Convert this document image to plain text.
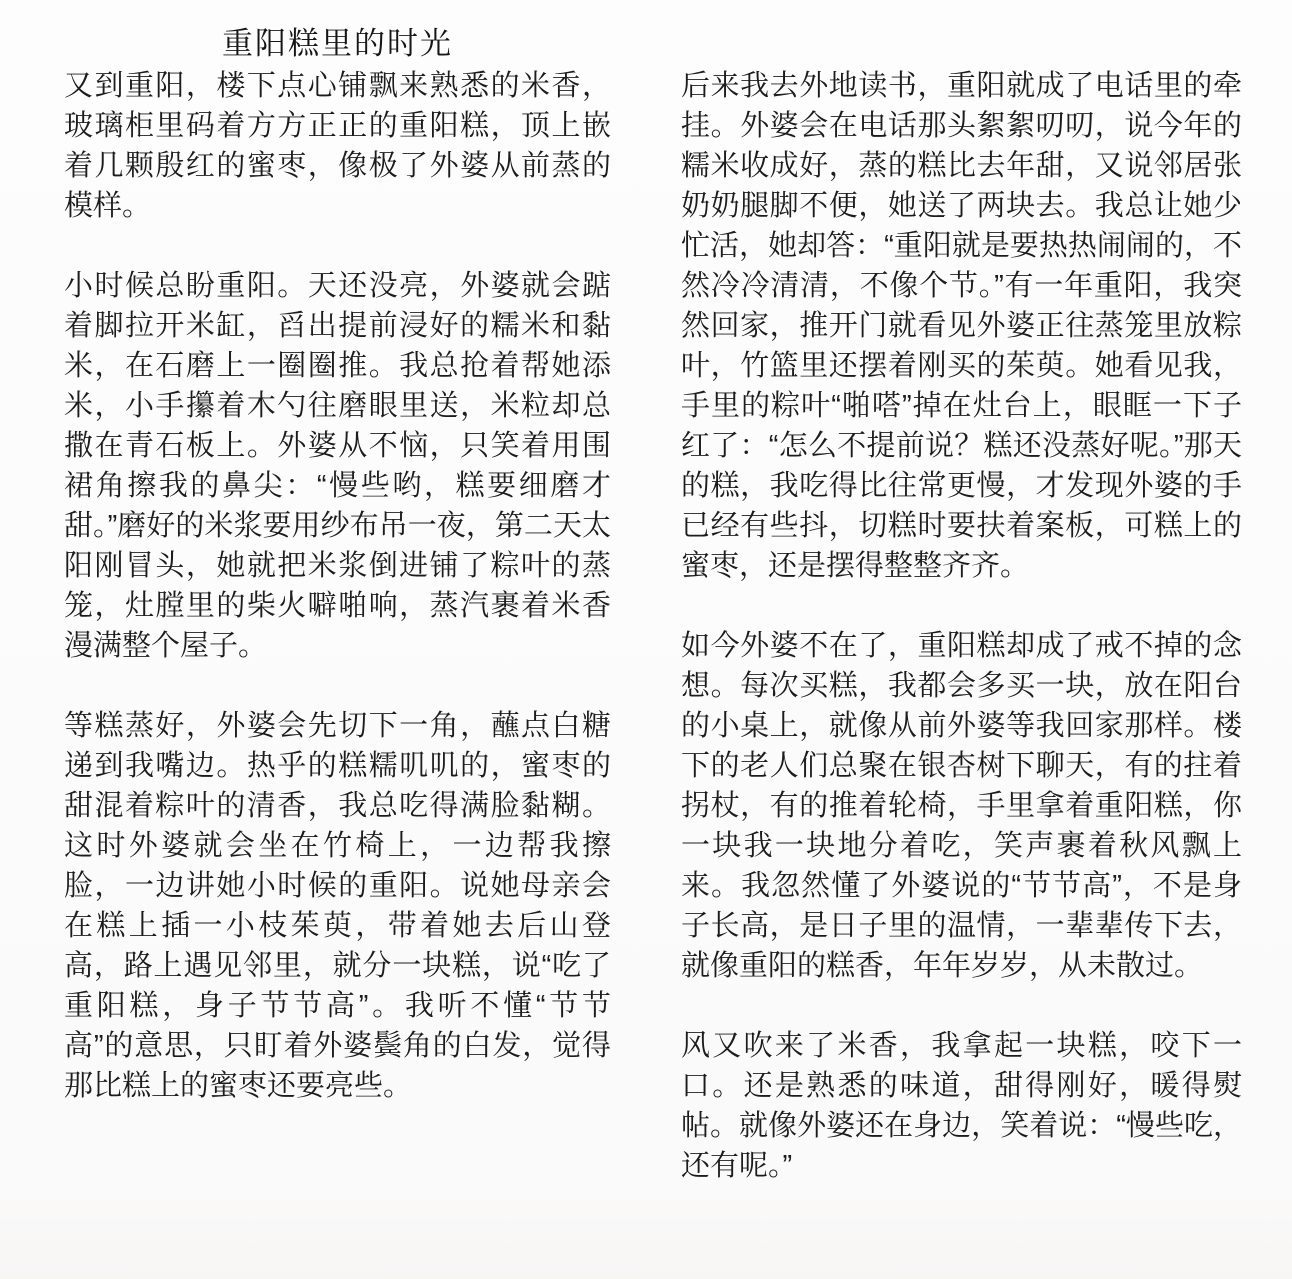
重阳糕里的时光

又到重阳，楼下点心铺飘来熟悉的米香，玻璃柜里码着方方正正的重阳糕，顶上嵌着几颗殷红的蜜枣，像极了外婆从前蒸的模样。

小时候总盼重阳。天还没亮，外婆就会踮着脚拉开米缸，舀出提前浸好的糯米和黏米，在石磨上一圈圈推。我总抢着帮她添米，小手攥着木勺往磨眼里送，米粒却总撒在青石板上。外婆从不恼，只笑着用围裙角擦我的鼻尖：“慢些哟，糕要细磨才甜。”磨好的米浆要用纱布吊一夜，第二天太阳刚冒头，她就把米浆倒进铺了粽叶的蒸笼，灶膛里的柴火噼啪响，蒸汽裹着米香漫满整个屋子。

等糕蒸好，外婆会先切下一角，蘸点白糖递到我嘴边。热乎的糕糯叽叽的，蜜枣的甜混着粽叶的清香，我总吃得满脸黏糊。这时外婆就会坐在竹椅上，一边帮我擦脸，一边讲她小时候的重阳。说她母亲会在糕上插一小枝茱萸，带着她去后山登高，路上遇见邻里，就分一块糕，说“吃了重阳糕，身子节节高”。我听不懂“节节高”的意思，只盯着外婆鬓角的白发，觉得那比糕上的蜜枣还要亮些。

后来我去外地读书，重阳就成了电话里的牵挂。外婆会在电话那头絮絮叨叨，说今年的糯米收成好，蒸的糕比去年甜，又说邻居张奶奶腿脚不便，她送了两块去。我总让她少忙活，她却答：“重阳就是要热热闹闹的，不然冷冷清清，不像个节。”有一年重阳，我突然回家，推开门就看见外婆正往蒸笼里放粽叶，竹篮里还摆着刚买的茱萸。她看见我，手里的粽叶“啪嗒”掉在灶台上，眼眶一下子红了：“怎么不提前说？糕还没蒸好呢。”那天的糕，我吃得比往常更慢，才发现外婆的手已经有些抖，切糕时要扶着案板，可糕上的蜜枣，还是摆得整整齐齐。

如今外婆不在了，重阳糕却成了戒不掉的念想。每次买糕，我都会多买一块，放在阳台的小桌上，就像从前外婆等我回家那样。楼下的老人们总聚在银杏树下聊天，有的拄着拐杖，有的推着轮椅，手里拿着重阳糕，你一块我一块地分着吃，笑声裹着秋风飘上来。我忽然懂了外婆说的“节节高”，不是身子长高，是日子里的温情，一辈辈传下去，就像重阳的糕香，年年岁岁，从未散过。

风又吹来了米香，我拿起一块糕，咬下一口。还是熟悉的味道，甜得刚好，暖得熨帖。就像外婆还在身边，笑着说：“慢些吃，还有呢。”
